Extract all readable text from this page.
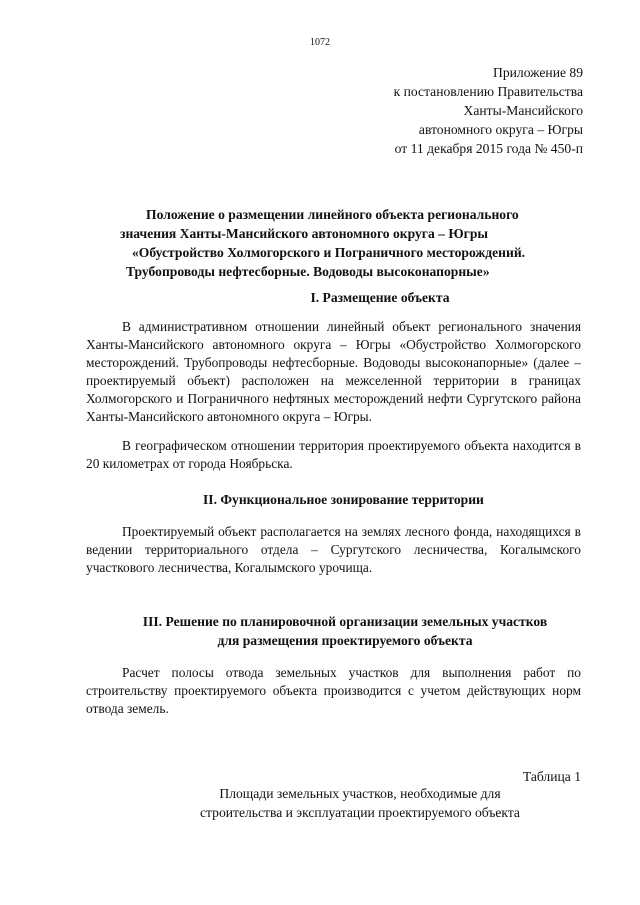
1072
Приложение 89
к постановлению Правительства
Ханты-Мансийского
автономного округа – Югры
от 11 декабря 2015 года № 450-п
Положение о размещении линейного объекта регионального
значения Ханты-Мансийского автономного округа – Югры
«Обустройство Холмогорского и Пограничного месторождений.
Трубопроводы нефтесборные. Водоводы высоконапорные»
I. Размещение объекта
В административном отношении линейный объект регионального значения Ханты-Мансийского автономного округа – Югры «Обустройство Холмогорского месторождений. Трубопроводы нефтесборные. Водоводы высоконапорные» (далее – проектируемый объект) расположен на межселенной территории в границах Холмогорского и Пограничного нефтяных месторождений нефти Сургутского района Ханты-Мансийского автономного округа – Югры.
В географическом отношении территория проектируемого объекта находится в 20 километрах от города Ноябрьска.
II. Функциональное зонирование территории
Проектируемый объект располагается на землях лесного фонда, находящихся в ведении территориального отдела – Сургутского лесничества, Когалымского участкового лесничества, Когалымского урочища.
III. Решение по планировочной организации земельных участков
для размещения проектируемого объекта
Расчет полосы отвода земельных участков для выполнения работ по строительству проектируемого объекта производится с учетом действующих норм отвода земель.
Таблица 1
Площади земельных участков, необходимые для
строительства и эксплуатации проектируемого объекта
